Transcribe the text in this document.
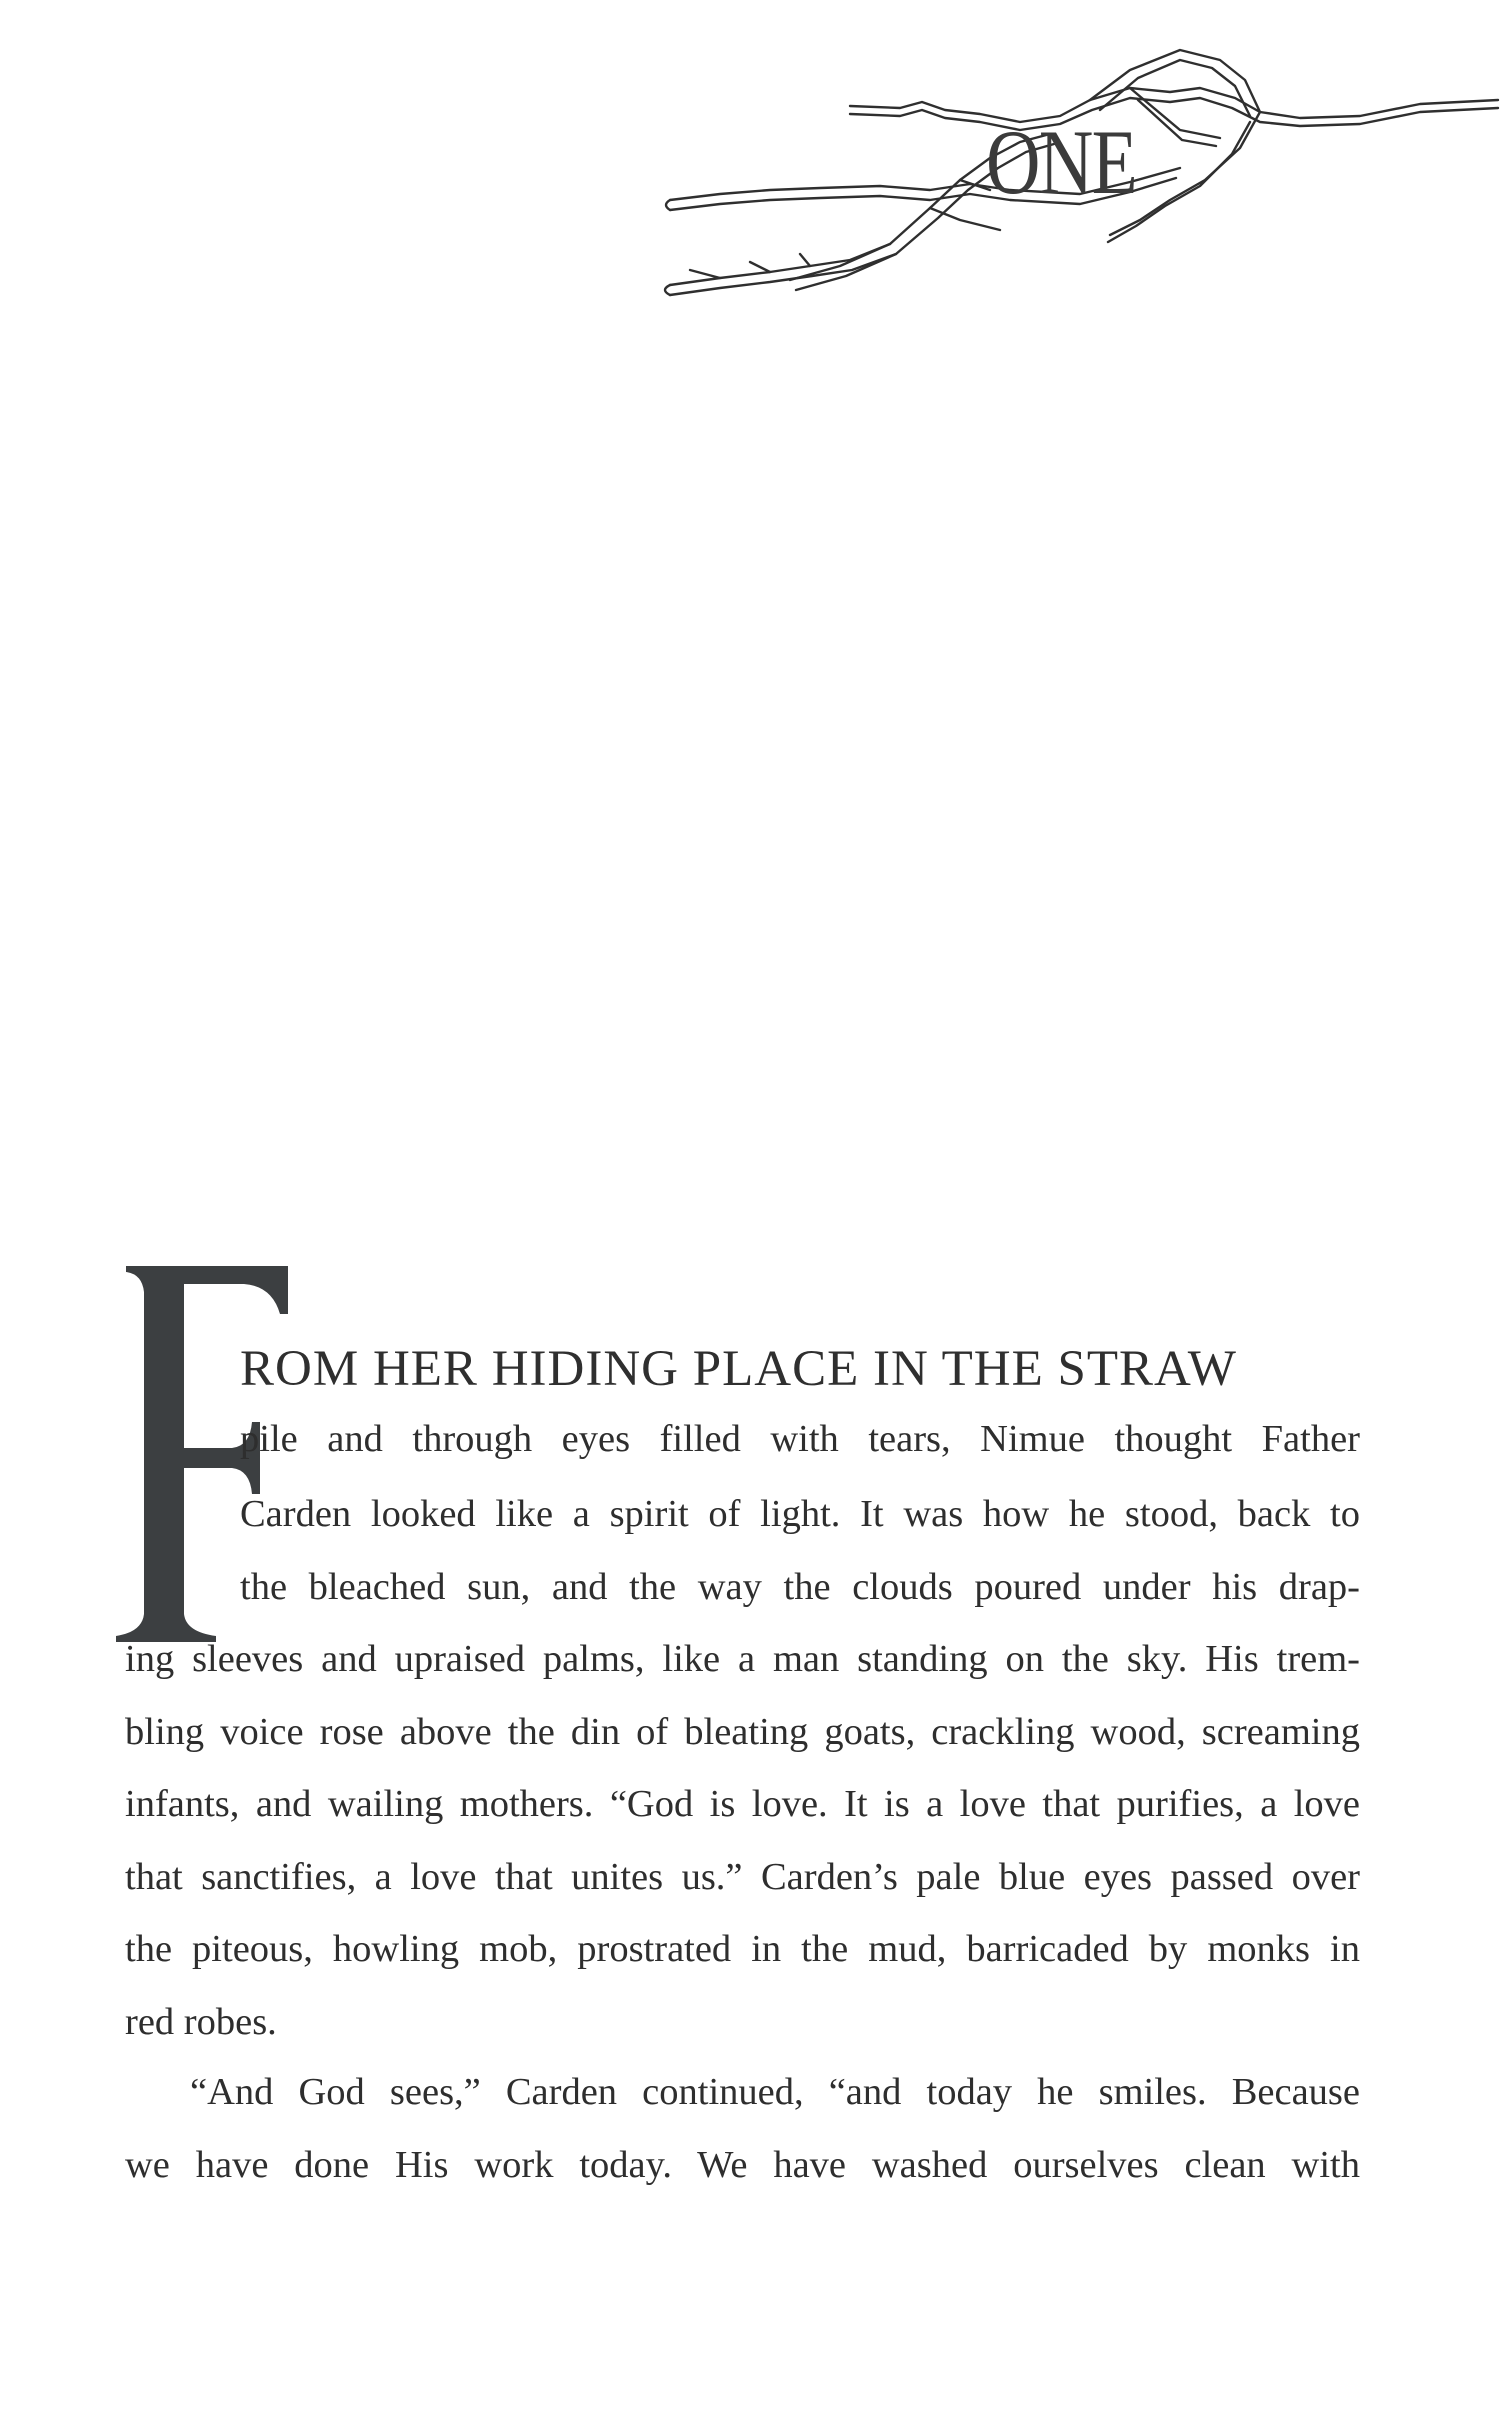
ONE
ROM HER HIDING PLACE IN THE STRAW
pile and through eyes filled with tears, Nimue thought Father
Carden looked like a spirit of light. It was how he stood, back to
the bleached sun, and the way the clouds poured under his drap-
ing sleeves and upraised palms, like a man standing on the sky. His trem-
bling voice rose above the din of bleating goats, crackling wood, screaming
infants, and wailing mothers. “God is love. It is a love that purifies, a love
that sanctifies, a love that unites us.” Carden’s pale blue eyes passed over
the piteous, howling mob, prostrated in the mud, barricaded by monks in
red robes.
“And God sees,” Carden continued, “and today he smiles. Because
we have done His work today. We have washed ourselves clean with
